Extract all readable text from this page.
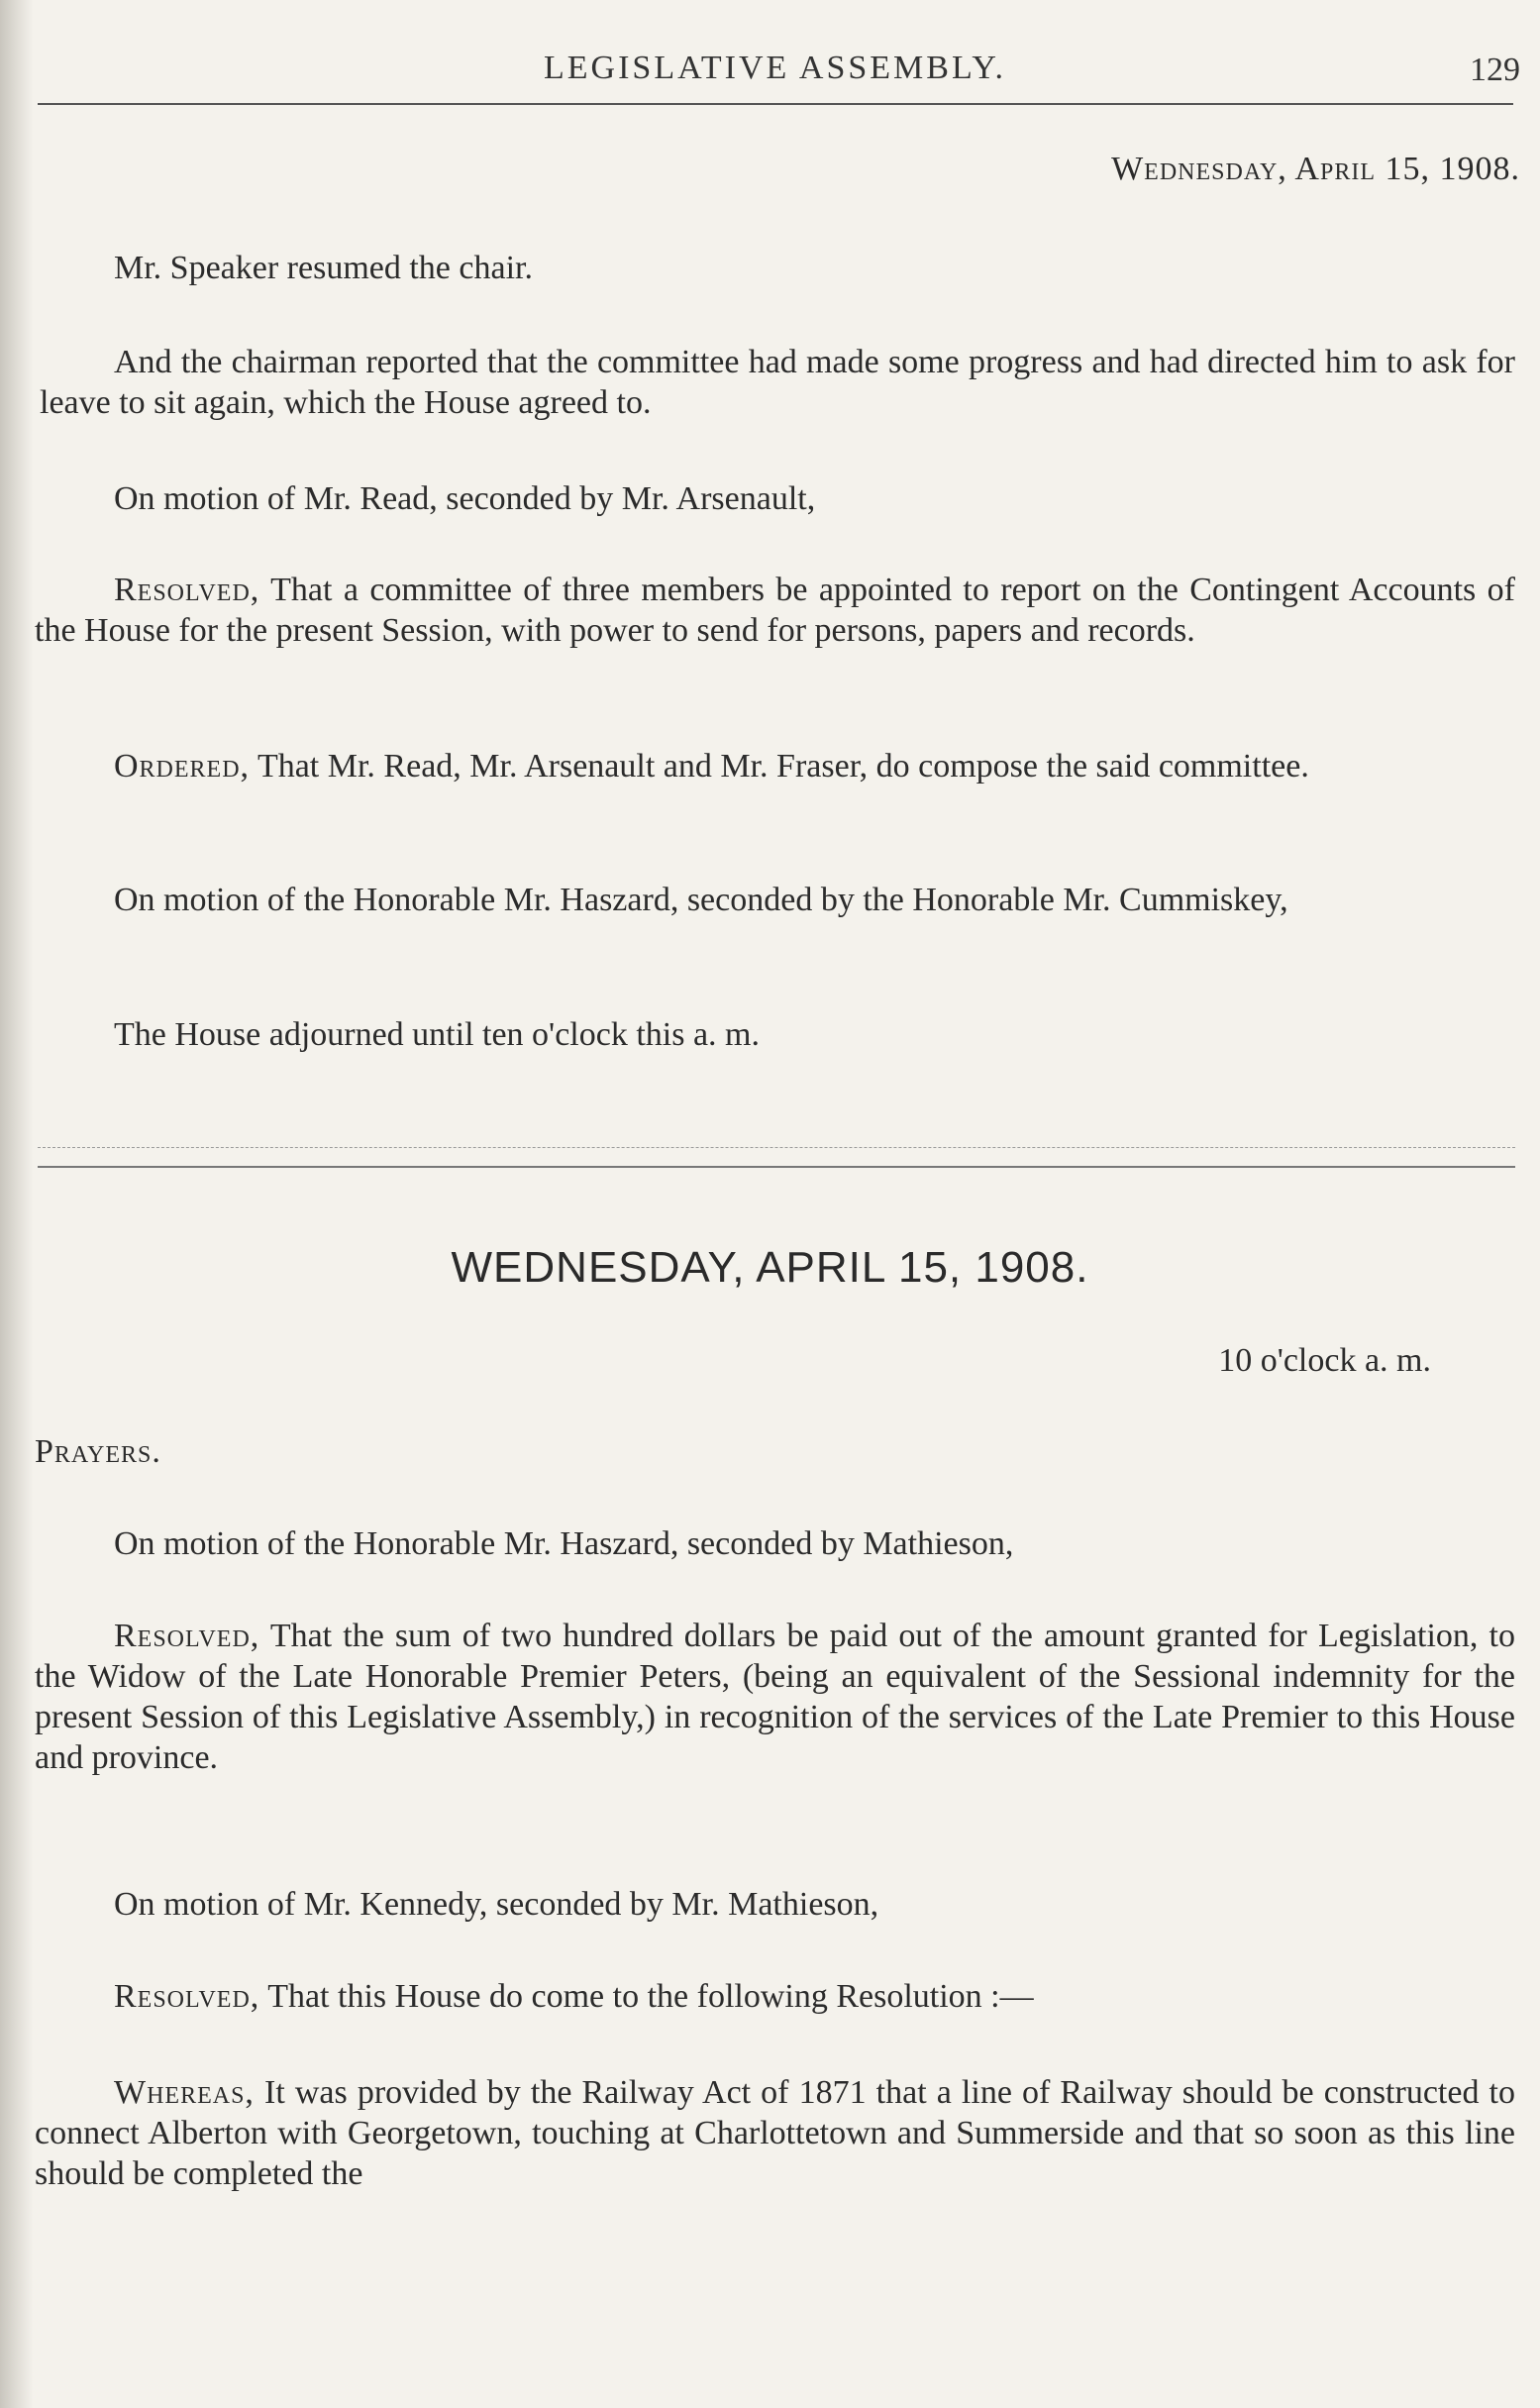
LEGISLATIVE ASSEMBLY.	129
Wednesday, April 15, 1908.

Mr. Speaker resumed the chair.

And the chairman reported that the committee had made some progress and had directed him to ask for leave to sit again, which the House agreed to.

On motion of Mr. Read, seconded by Mr. Arsenault,

Resolved, That a committee of three members be appointed to report on the Contingent Accounts of the House for the present Session, with power to send for persons, papers and records.

Ordered, That Mr. Read, Mr. Arsenault and Mr. Fraser, do compose the said committee.

On motion of the Honorable Mr. Haszard, seconded by the Honorable Mr. Cummiskey,

The House adjourned until ten o'clock this a. m.

WEDNESDAY, APRIL 15, 1908.
10 o'clock a. m.
Prayers.

On motion of the Honorable Mr. Haszard, seconded by Mathieson,

Resolved, That the sum of two hundred dollars be paid out of the amount granted for Legislation, to the Widow of the Late Honorable Premier Peters, (being an equivalent of the Sessional indemnity for the present Session of this Legislative Assembly,) in recognition of the services of the Late Premier to this House and province.

On motion of Mr. Kennedy, seconded by Mr. Mathieson,

Resolved, That this House do come to the following Resolution :—

Whereas, It was provided by the Railway Act of 1871 that a line of Railway should be constructed to connect Alberton with Georgetown, touching at Charlottetown and Summerside and that so soon as this line should be completed the
